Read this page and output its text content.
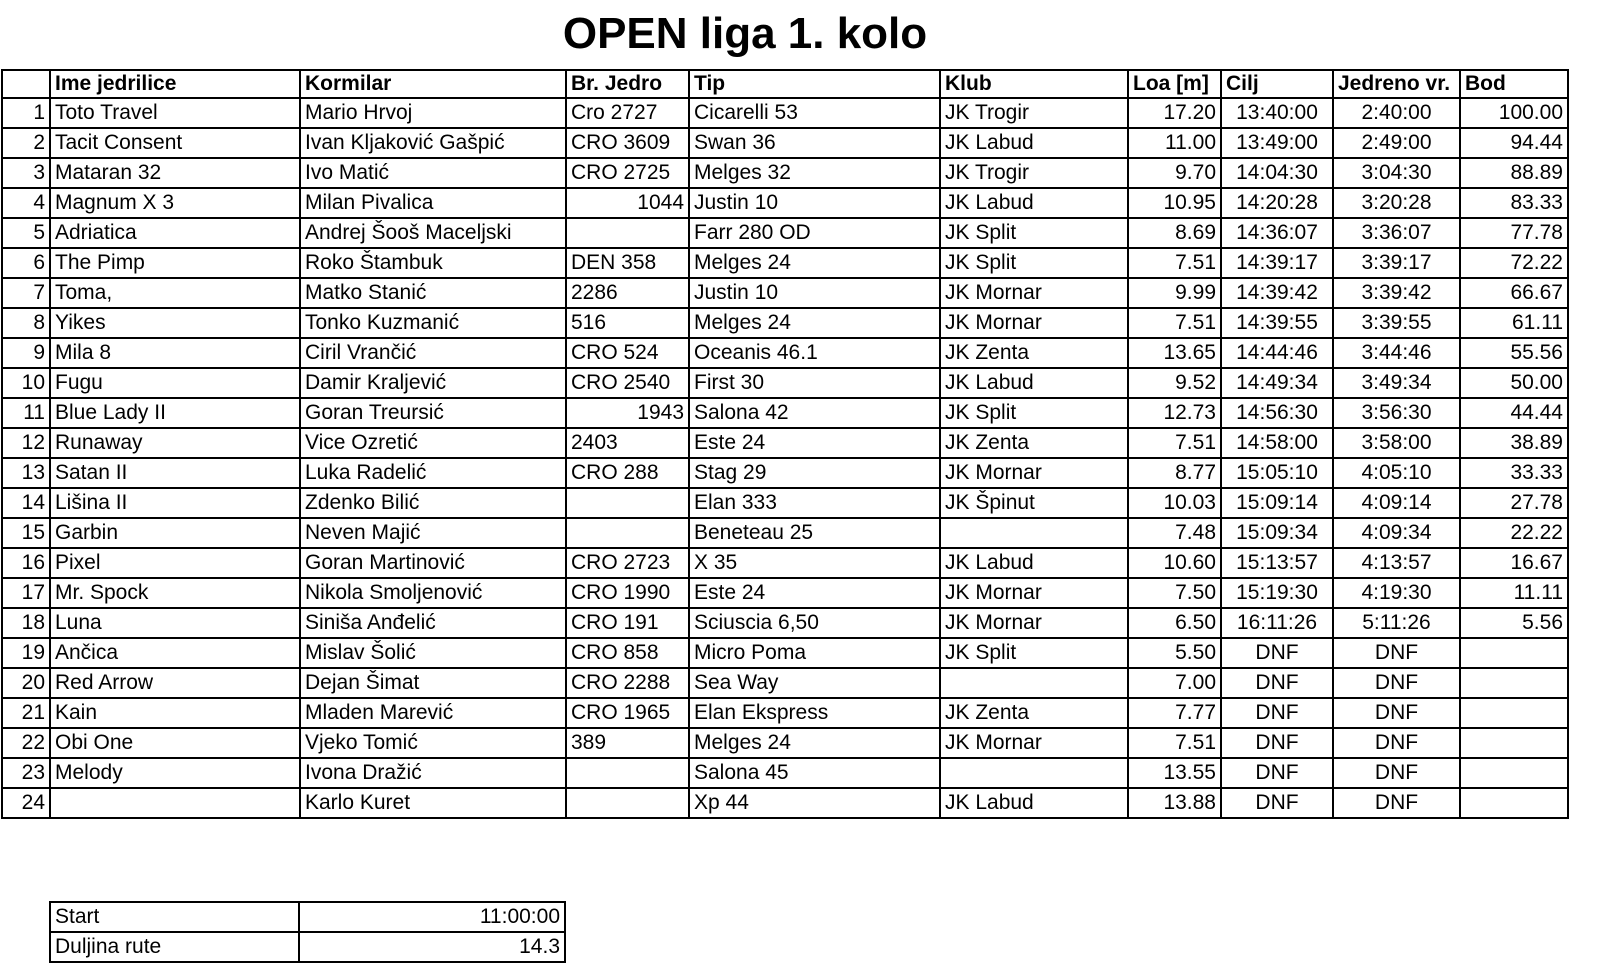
OPEN liga 1. kolo
	Ime jedrilice	Kormilar	Br. Jedro	Tip	Klub	Loa [m]	Cilj	Jedreno vr.	Bod
1	Toto Travel	Mario Hrvoj	Cro 2727	Cicarelli 53	JK Trogir	17.20	13:40:00	2:40:00	100.00
2	Tacit Consent	Ivan Kljaković Gašpić	CRO 3609	Swan 36	JK Labud	11.00	13:49:00	2:49:00	94.44
3	Mataran 32	Ivo Matić	CRO 2725	Melges 32	JK Trogir	9.70	14:04:30	3:04:30	88.89
4	Magnum X 3	Milan Pivalica	1044	Justin 10	JK Labud	10.95	14:20:28	3:20:28	83.33
5	Adriatica	Andrej Šooš Maceljski		Farr 280 OD	JK Split	8.69	14:36:07	3:36:07	77.78
6	The Pimp	Roko Štambuk	DEN 358	Melges 24	JK Split	7.51	14:39:17	3:39:17	72.22
7	Toma,	Matko Stanić	2286	Justin 10	JK Mornar	9.99	14:39:42	3:39:42	66.67
8	Yikes	Tonko Kuzmanić	516	Melges 24	JK Mornar	7.51	14:39:55	3:39:55	61.11
9	Mila 8	Ciril Vrančić	CRO 524	Oceanis 46.1	JK Zenta	13.65	14:44:46	3:44:46	55.56
10	Fugu	Damir Kraljević	CRO 2540	First 30	JK Labud	9.52	14:49:34	3:49:34	50.00
11	Blue Lady II	Goran Treursić	1943	Salona 42	JK Split	12.73	14:56:30	3:56:30	44.44
12	Runaway	Vice Ozretić	2403	Este 24	JK Zenta	7.51	14:58:00	3:58:00	38.89
13	Satan II	Luka Radelić	CRO 288	Stag 29	JK Mornar	8.77	15:05:10	4:05:10	33.33
14	Lišina II	Zdenko Bilić		Elan 333	JK Špinut	10.03	15:09:14	4:09:14	27.78
15	Garbin	Neven Majić		Beneteau 25		7.48	15:09:34	4:09:34	22.22
16	Pixel	Goran Martinović	CRO 2723	X 35	JK Labud	10.60	15:13:57	4:13:57	16.67
17	Mr. Spock	Nikola Smoljenović	CRO 1990	Este 24	JK Mornar	7.50	15:19:30	4:19:30	11.11
18	Luna	Siniša Anđelić	CRO 191	Sciuscia 6,50	JK Mornar	6.50	16:11:26	5:11:26	5.56
19	Ančica	Mislav Šolić	CRO 858	Micro Poma	JK Split	5.50	DNF	DNF	
20	Red Arrow	Dejan Šimat	CRO 2288	Sea Way		7.00	DNF	DNF	
21	Kain	Mladen Marević	CRO 1965	Elan Ekspress	JK Zenta	7.77	DNF	DNF	
22	Obi One	Vjeko Tomić	389	Melges 24	JK Mornar	7.51	DNF	DNF	
23	Melody	Ivona Dražić		Salona 45		13.55	DNF	DNF	
24		Karlo Kuret		Xp 44	JK Labud	13.88	DNF	DNF	
Start	11:00:00
Duljina rute	14.3
